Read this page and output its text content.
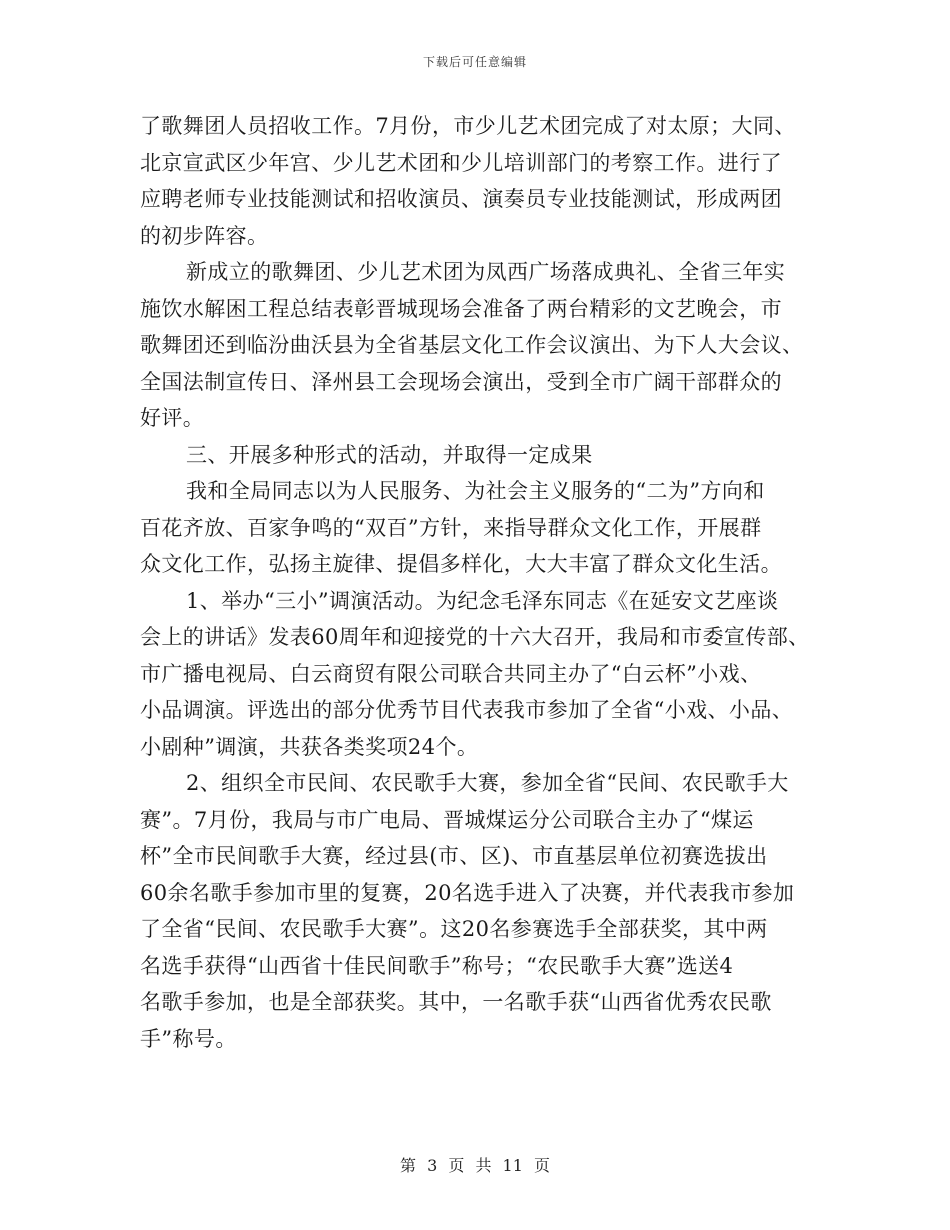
下载后可任意编辑
了歌舞团人员招收工作。7月份，市少儿艺术团完成了对太原；大同、
北京宣武区少年宫、少儿艺术团和少儿培训部门的考察工作。进行了
应聘老师专业技能测试和招收演员、演奏员专业技能测试，形成两团
的初步阵容。
新成立的歌舞团、少儿艺术团为凤西广场落成典礼、全省三年实
施饮水解困工程总结表彰晋城现场会准备了两台精彩的文艺晚会，市
歌舞团还到临汾曲沃县为全省基层文化工作会议演出、为下人大会议、
全国法制宣传日、泽州县工会现场会演出，受到全市广阔干部群众的
好评。
三、开展多种形式的活动，并取得一定成果
我和全局同志以为人民服务、为社会主义服务的“二为”方向和
百花齐放、百家争鸣的“双百”方针，来指导群众文化工作，开展群
众文化工作，弘扬主旋律、提倡多样化，大大丰富了群众文化生活。
1、举办“三小”调演活动。为纪念毛泽东同志《在延安文艺座谈
会上的讲话》发表60周年和迎接党的十六大召开，我局和市委宣传部、
市广播电视局、白云商贸有限公司联合共同主办了“白云杯”小戏、
小品调演。评选出的部分优秀节目代表我市参加了全省“小戏、小品、
小剧种”调演，共获各类奖项24个。
2、组织全市民间、农民歌手大赛，参加全省“民间、农民歌手大
赛”。7月份，我局与市广电局、晋城煤运分公司联合主办了“煤运
杯”全市民间歌手大赛，经过县(市、区)、市直基层单位初赛选拔出
60余名歌手参加市里的复赛，20名选手进入了决赛，并代表我市参加
了全省“民间、农民歌手大赛”。这20名参赛选手全部获奖，其中两
名选手获得“山西省十佳民间歌手”称号；“农民歌手大赛”选送4
名歌手参加，也是全部获奖。其中，一名歌手获“山西省优秀农民歌
手”称号。
第 3 页 共 11 页
